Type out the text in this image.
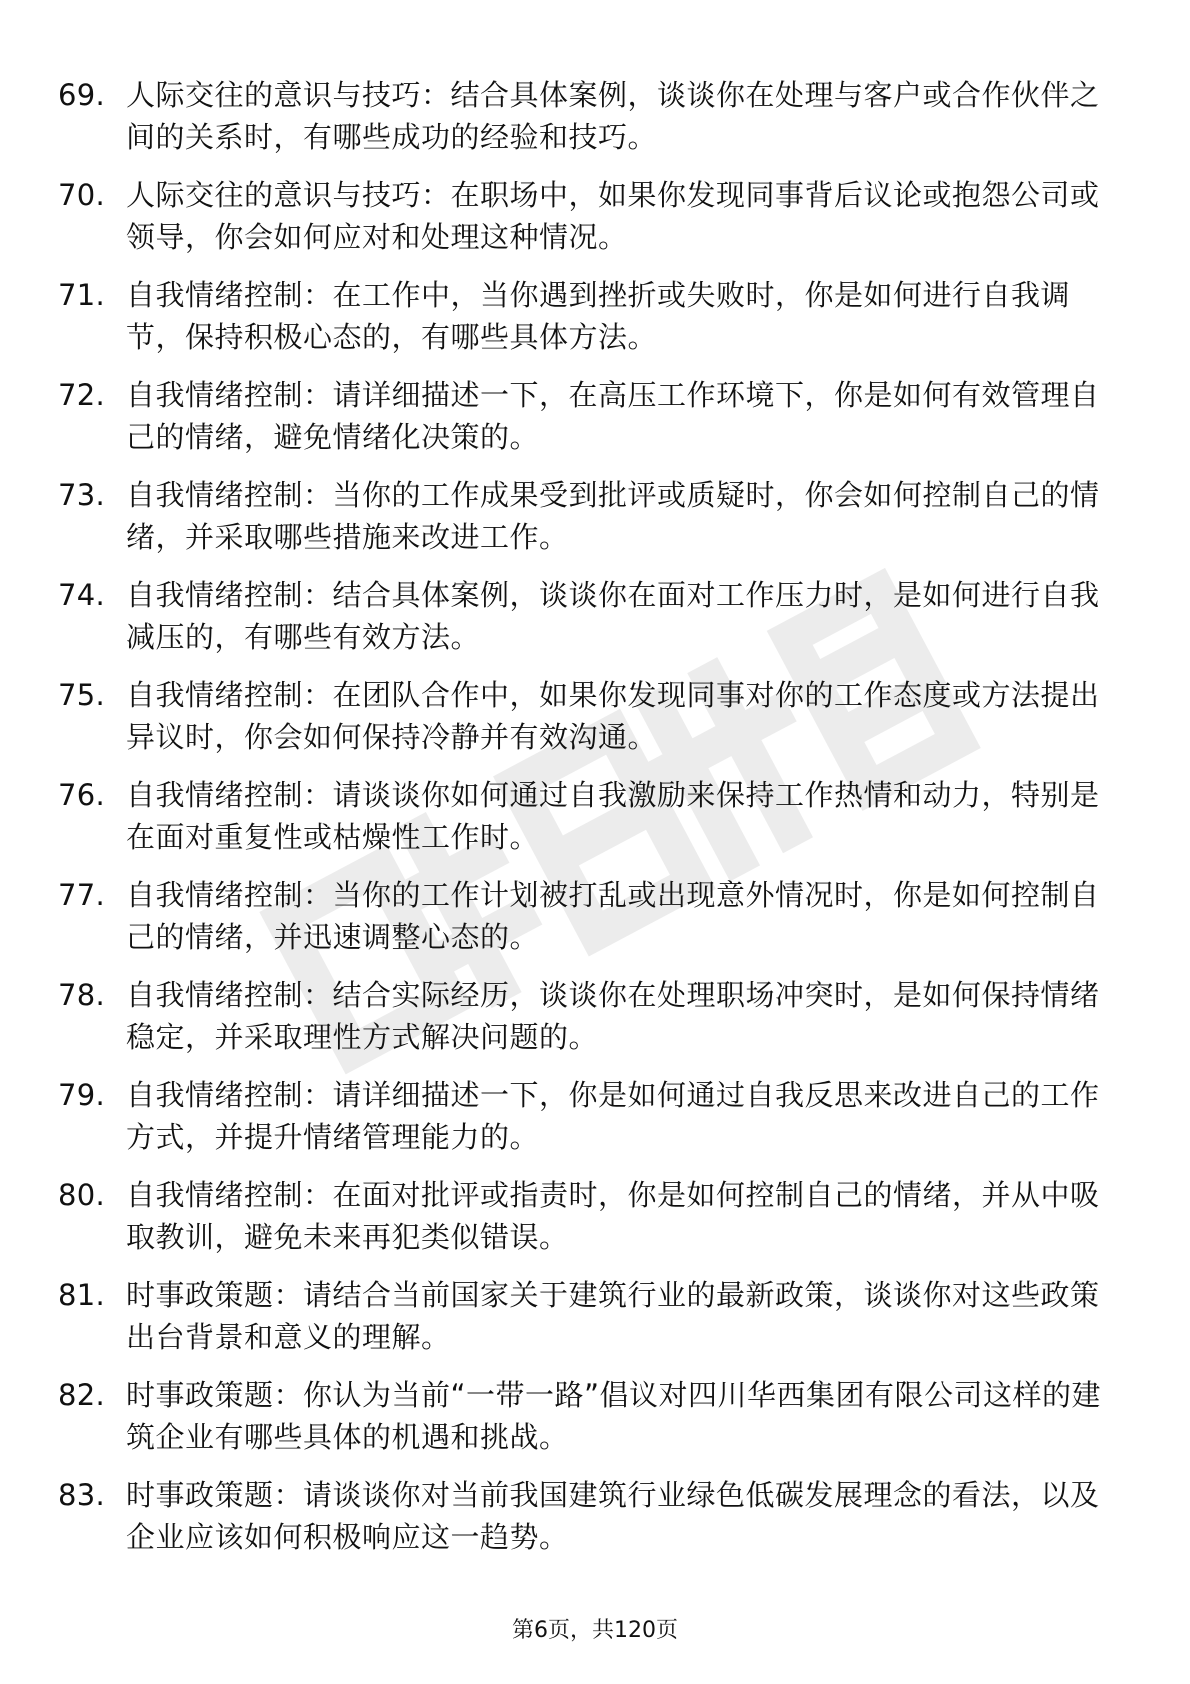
69. 人际交往的意识与技巧：结合具体案例，谈谈你在处理与客户或合作伙伴之间的关系时，有哪些成功的经验和技巧。
70. 人际交往的意识与技巧：在职场中，如果你发现同事背后议论或抱怨公司或领导，你会如何应对和处理这种情况。
71. 自我情绪控制：在工作中，当你遇到挫折或失败时，你是如何进行自我调节，保持积极心态的，有哪些具体方法。
72. 自我情绪控制：请详细描述一下，在高压工作环境下，你是如何有效管理自己的情绪，避免情绪化决策的。
73. 自我情绪控制：当你的工作成果受到批评或质疑时，你会如何控制自己的情绪，并采取哪些措施来改进工作。
74. 自我情绪控制：结合具体案例，谈谈你在面对工作压力时，是如何进行自我减压的，有哪些有效方法。
75. 自我情绪控制：在团队合作中，如果你发现同事对你的工作态度或方法提出异议时，你会如何保持冷静并有效沟通。
76. 自我情绪控制：请谈谈你如何通过自我激励来保持工作热情和动力，特别是在面对重复性或枯燥性工作时。
77. 自我情绪控制：当你的工作计划被打乱或出现意外情况时，你是如何控制自己的情绪，并迅速调整心态的。
78. 自我情绪控制：结合实际经历，谈谈你在处理职场冲突时，是如何保持情绪稳定，并采取理性方式解决问题的。
79. 自我情绪控制：请详细描述一下，你是如何通过自我反思来改进自己的工作方式，并提升情绪管理能力的。
80. 自我情绪控制：在面对批评或指责时，你是如何控制自己的情绪，并从中吸取教训，避免未来再犯类似错误。
81. 时事政策题：请结合当前国家关于建筑行业的最新政策，谈谈你对这些政策出台背景和意义的理解。
82. 时事政策题：你认为当前“一带一路”倡议对四川华西集团有限公司这样的建筑企业有哪些具体的机遇和挑战。
83. 时事政策题：请谈谈你对当前我国建筑行业绿色低碳发展理念的看法，以及企业应该如何积极响应这一趋势。
第6页，共120页
